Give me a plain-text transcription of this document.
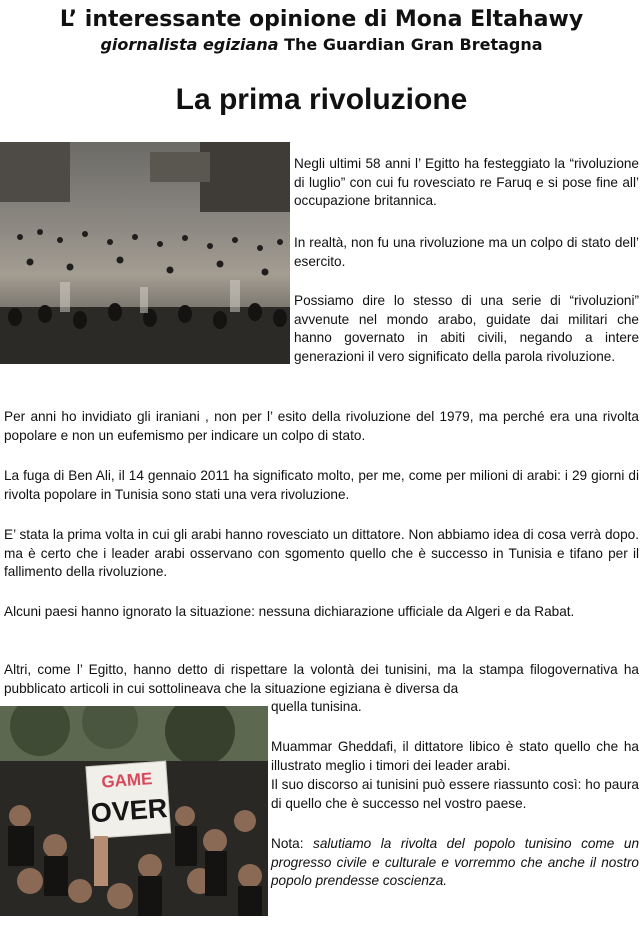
L’ interessante opinione di Mona Eltahawy
giornalista egiziana The Guardian Gran Bretagna
La prima rivoluzione

Negli ultimi 58 anni l’ Egitto ha festeggiato la “rivoluzione di luglio” con cui fu rovesciato re Faruq e si pose fine all’ occupazione britannica.

In realtà, non fu una rivoluzione ma un colpo di stato dell’ esercito.

Possiamo dire lo stesso di una serie di “rivoluzioni” avvenute nel mondo arabo, guidate dai militari che hanno governato in abiti civili, negando a intere generazioni il vero significato della parola rivoluzione.

Per anni ho invidiato gli iraniani , non per l’ esito della rivoluzione del 1979, ma perché era una rivolta popolare e non un eufemismo per indicare un colpo di stato.

La fuga di Ben Ali, il 14 gennaio 2011 ha significato molto, per me, come per milioni di arabi: i 29 giorni di rivolta popolare in Tunisia sono stati una vera rivoluzione.

E’ stata la prima volta in cui gli arabi hanno rovesciato un dittatore. Non abbiamo idea di cosa verrà dopo. ma è certo che i leader arabi osservano con sgomento quello che è successo in Tunisia e tifano per il fallimento della rivoluzione.

Alcuni paesi hanno ignorato la situazione: nessuna dichiarazione ufficiale da Algeri e da Rabat.

Altri, come l’ Egitto, hanno detto di rispettare la volontà dei tunisini, ma la stampa filogovernativa ha pubblicato articoli in cui sottolineava che la situazione egiziana è diversa da

quella tunisina.

GAME
OVER

Muammar Gheddafi, il dittatore libico è stato quello che ha illustrato meglio i timori dei leader arabi.

Il suo discorso ai tunisini può essere riassunto così: ho paura di quello che è successo nel vostro paese.

Nota: salutiamo la rivolta del popolo tunisino come un progresso civile e culturale e vorremmo che anche il nostro popolo prendesse coscienza.
